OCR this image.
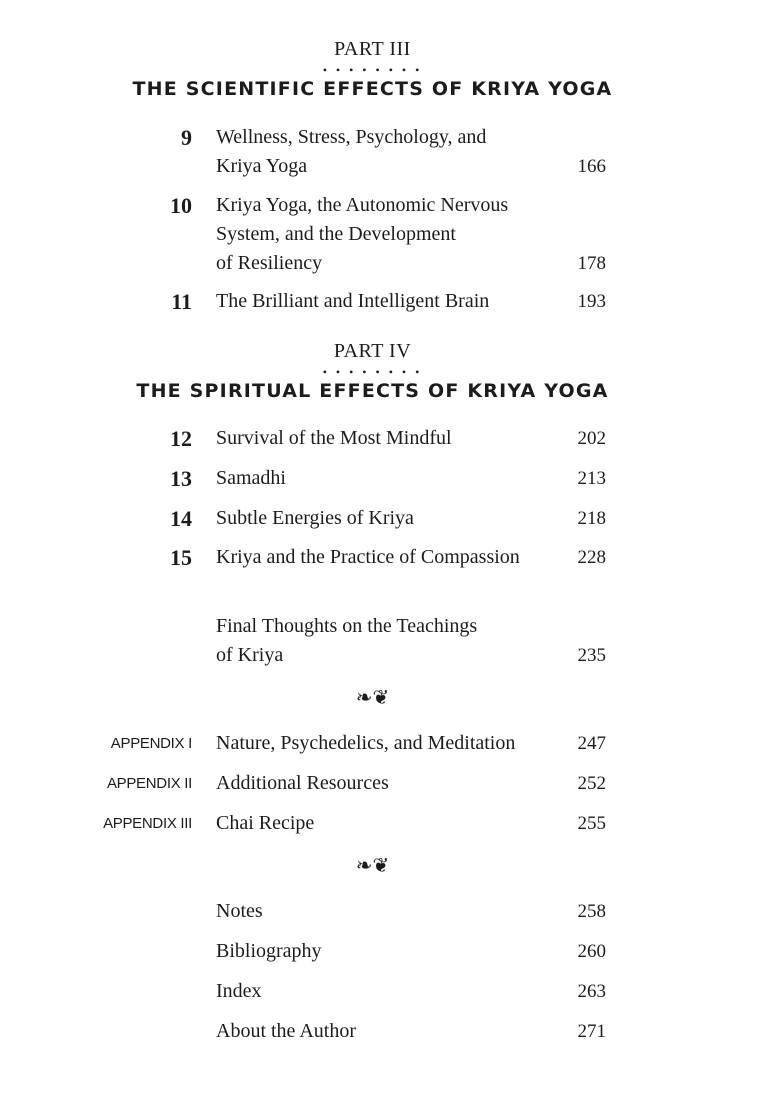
PART III
• • • • • • • •
THE SCIENTIFIC EFFECTS OF KRIYA YOGA
9 Wellness, Stress, Psychology, and
Kriya Yoga	166
10 Kriya Yoga, the Autonomic Nervous
System, and the Development
of Resiliency	178
11 The Brilliant and Intelligent Brain	193
PART IV
• • • • • • • •
THE SPIRITUAL EFFECTS OF KRIYA YOGA
12 Survival of the Most Mindful	202
13 Samadhi	213
14 Subtle Energies of Kriya	218
15 Kriya and the Practice of Compassion	228
Final Thoughts on the Teachings
of Kriya	235
❧❦
APPENDIX I Nature, Psychedelics, and Meditation	247
APPENDIX II Additional Resources	252
APPENDIX III Chai Recipe	255
❧❦
Notes	258
Bibliography	260
Index	263
About the Author	271
